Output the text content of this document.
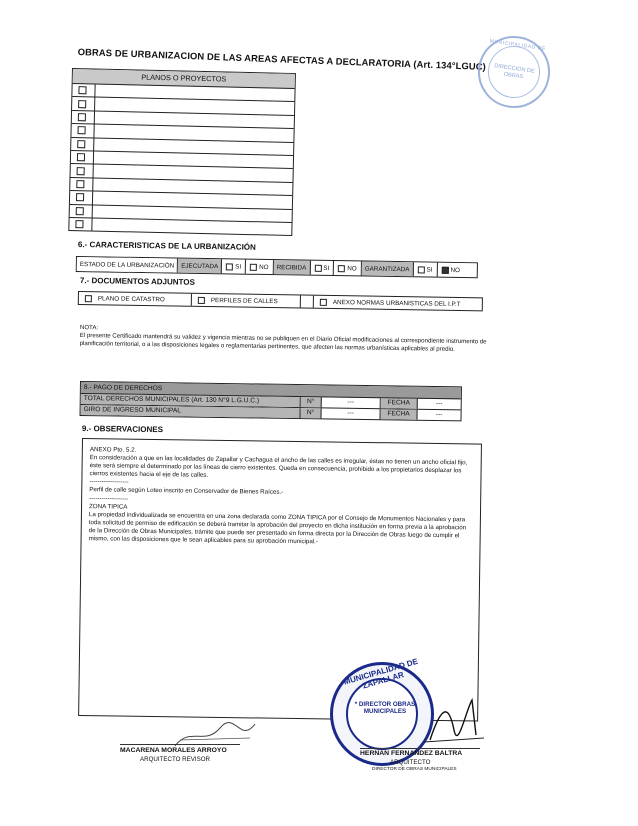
OBRAS DE URBANIZACION DE LAS AREAS AFECTAS A DECLARATORIA (Art. 134°LGUC)
MUNICIPALIDAD DE
DIRECCION DE OBRAS
PLANOS O PROYECTOS
6.- CARACTERISTICAS DE LA URBANIZACIÓN
ESTADO DE LA URBANIZACIÓN	EJECUTADA	SI	NO	RECIBIDA	SI	NO	GARANTIZADA	SI	NO
7.- DOCUMENTOS ADJUNTOS
PLANO DE CATASTRO	PERFILES DE CALLES	ANEXO NORMAS URBANISTICAS DEL I.P.T
NOTA:
El presente Certificado mantendrá su validez y vigencia mientras no se publiquen en el Diario Oficial modificaciones al correspondiente instrumento de planificación territorial, o a las disposiciones legales o reglamentarias pertinentes, que afecten las normas urbanísticas aplicables al predio.
8.- PAGO DE DERECHOS
TOTAL DERECHOS MUNICIPALES (Art. 130 N°9 L.G.U.C.)	N°	---	FECHA	---
GIRO DE INGRESO MUNICIPAL	N°	---	FECHA	---
9.- OBSERVACIONES

ANEXO Pto. 5.2.

En consideración a que en las localidades de Zapallar y Cachagua el ancho de las calles es irregular, éstas no tienen un ancho oficial fijo, éste será siempre el determinado por las líneas de cierro existentes. Queda en consecuencia, prohibido a los propietarios desplazar los cierros existentes hacia el eje de las calles.

-------------------

Perfil de calle según Loteo inscrito en Conservador de Bienes Raíces.-

-------------------

ZONA TIPICA

La propiedad individualizada se encuentra en una zona declarada como ZONA TIPICA por el Consejo de Monumentos Nacionales y para toda solicitud de permiso de edificación se deberá tramitar la aprobación del proyecto en dicha institución en forma previa a la aprobación de la Dirección de Obras Municipales, trámite que puede ser presentado en forma directa por la Dirección de Obras luego de cumplir el mismo, con las disposiciones que le sean aplicables para su aprobación municipal.-

MUNICIPALIDAD DE ZAPALLAR
* DIRECTOR OBRAS MUNICIPALES
MACARENA MORALES ARROYO
ARQUITECTO REVISOR
HERNAN FERNANDEZ BALTRA
ARQUITECTO
DIRECTOR DE OBRAS MUNICIPALES
